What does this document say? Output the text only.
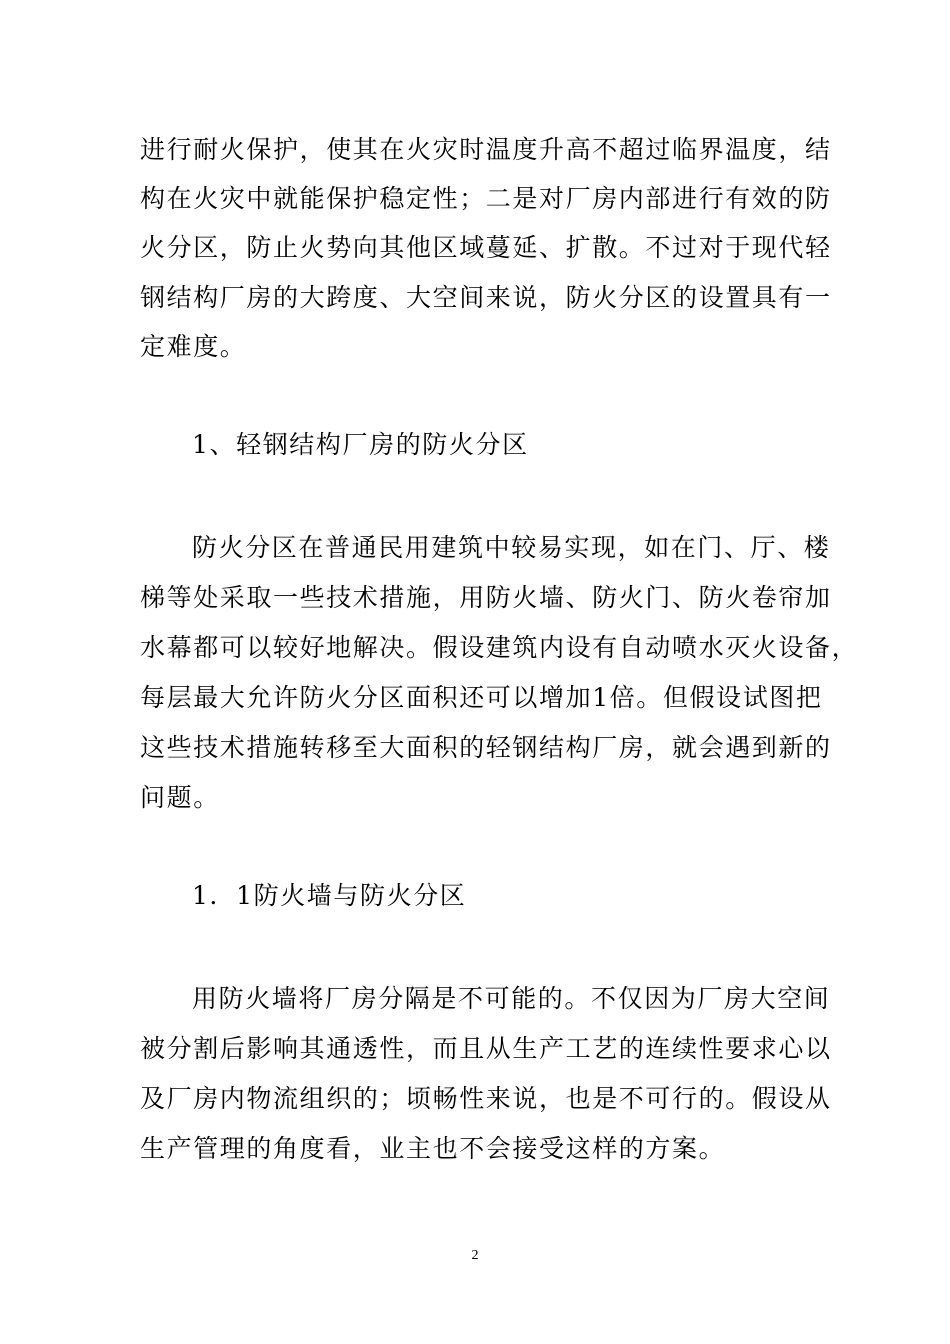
进行耐火保护，使其在火灾时温度升高不超过临界温度，结
构在火灾中就能保护稳定性；二是对厂房内部进行有效的防
火分区，防止火势向其他区域蔓延、扩散。不过对于现代轻
钢结构厂房的大跨度、大空间来说，防火分区的设置具有一
定难度。
1、轻钢结构厂房的防火分区
防火分区在普通民用建筑中较易实现，如在门、厅、楼
梯等处采取一些技术措施，用防火墙、防火门、防火卷帘加
水幕都可以较好地解决。假设建筑内设有自动喷水灭火设备，
每层最大允许防火分区面积还可以增加1倍。但假设试图把
这些技术措施转移至大面积的轻钢结构厂房，就会遇到新的
问题。
1．1防火墙与防火分区
用防火墙将厂房分隔是不可能的。不仅因为厂房大空间
被分割后影响其通透性，而且从生产工艺的连续性要求心以
及厂房内物流组织的；顷畅性来说，也是不可行的。假设从
生产管理的角度看，业主也不会接受这样的方案。
2
